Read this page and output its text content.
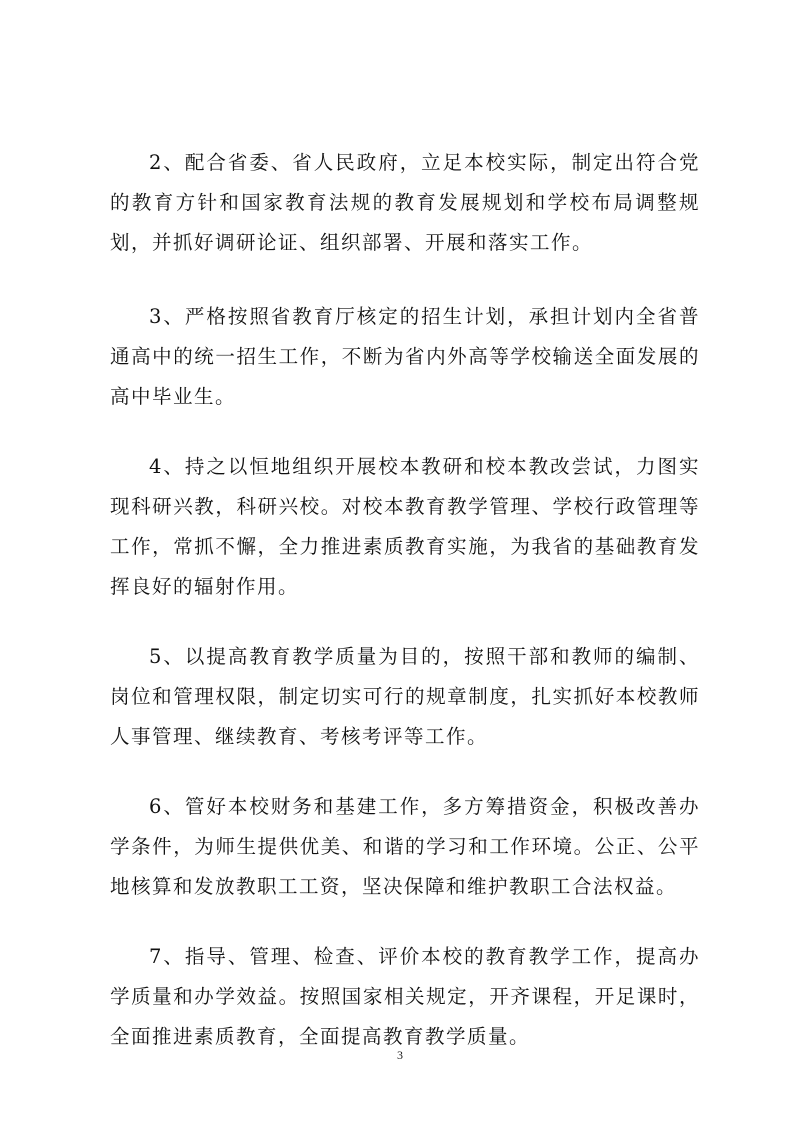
2、配合省委、省人民政府，立足本校实际，制定出符合党的教育方针和国家教育法规的教育发展规划和学校布局调整规划，并抓好调研论证、组织部署、开展和落实工作。

3、严格按照省教育厅核定的招生计划，承担计划内全省普通高中的统一招生工作，不断为省内外高等学校输送全面发展的高中毕业生。

4、持之以恒地组织开展校本教研和校本教改尝试，力图实现科研兴教，科研兴校。对校本教育教学管理、学校行政管理等工作，常抓不懈，全力推进素质教育实施，为我省的基础教育发挥良好的辐射作用。

5、以提高教育教学质量为目的，按照干部和教师的编制、岗位和管理权限，制定切实可行的规章制度，扎实抓好本校教师人事管理、继续教育、考核考评等工作。

6、管好本校财务和基建工作，多方筹措资金，积极改善办学条件，为师生提供优美、和谐的学习和工作环境。公正、公平地核算和发放教职工工资，坚决保障和维护教职工合法权益。

7、指导、管理、检查、评价本校的教育教学工作，提高办学质量和办学效益。按照国家相关规定，开齐课程，开足课时，全面推进素质教育，全面提高教育教学质量。

3
